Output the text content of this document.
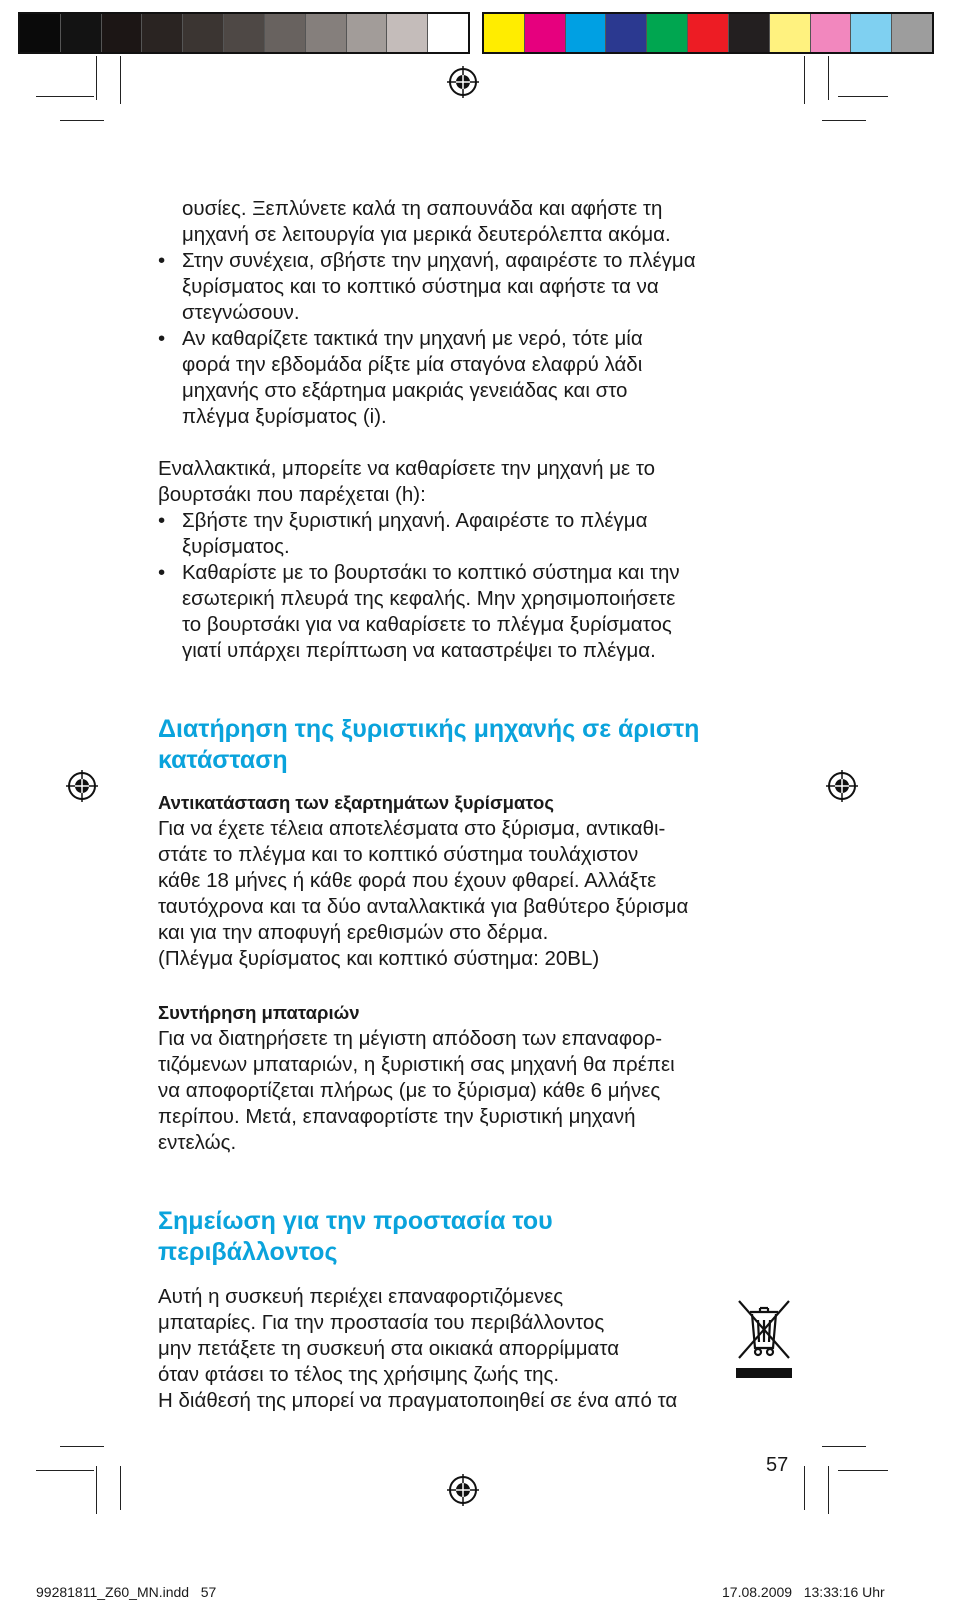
ουσίες. Ξεπλύνετε καλά τη σαπουνάδα και αφήστε τη

μηχανή σε λειτουργία για μερικά δευτερόλεπτα ακόμα.

• Στην συνέχεια, σβήστε την μηχανή, αφαιρέστε το πλέγμα

ξυρίσματος και το κοπτικό σύστημα και αφήστε τα να

στεγνώσουν.

• Αν καθαρίζετε τακτικά την μηχανή με νερό, τότε μία

φορά την εβδομάδα ρίξτε μία σταγόνα ελαφρύ λάδι

μηχανής στο εξάρτημα μακριάς γενειάδας και στο

πλέγμα ξυρίσματος (i).

Εναλλακτικά, μπορείτε να καθαρίσετε την μηχανή με το

βουρτσάκι που παρέχεται (h):

• Σβήστε την ξυριστική μηχανή. Αφαιρέστε το πλέγμα

ξυρίσματος.

• Καθαρίστε με το βουρτσάκι το κοπτικό σύστημα και την

εσωτερική πλευρά της κεφαλής. Μην χρησιμοποιήσετε

το βουρτσάκι για να καθαρίσετε το πλέγμα ξυρίσματος

γιατί υπάρχει περίπτωση να καταστρέψει το πλέγμα.

Διατήρηση της ξυριστικής μηχανής σε άριστη
κατάσταση

Αντικατάσταση των εξαρτημάτων ξυρίσματος

Για να έχετε τέλεια αποτελέσματα στο ξύρισμα, αντικαθι-

στάτε το πλέγμα και το κοπτικό σύστημα τουλάχιστον

κάθε 18 μήνες ή κάθε φορά που έχουν φθαρεί. Αλλάξτε

ταυτόχρονα και τα δύο ανταλλακτικά για βαθύτερο ξύρισμα

και για την αποφυγή ερεθισμών στο δέρμα.

(Πλέγμα ξυρίσματος και κοπτικό σύστημα: 20BL)

Συντήρηση μπαταριών

Για να διατηρήσετε τη μέγιστη απόδοση των επαναφορ-

τιζόμενων μπαταριών, η ξυριστική σας μηχανή θα πρέπει

να αποφορτίζεται πλήρως (με το ξύρισμα) κάθε 6 μήνες

περίπου. Μετά, επαναφορτίστε την ξυριστική μηχανή

εντελώς.

Σημείωση για την προστασία του
περιβάλλοντος

Αυτή η συσκευή περιέχει επαναφορτιζόμενες

μπαταρίες. Για την προστασία του περιβάλλοντος

μην πετάξετε τη συσκευή στα οικιακά απορρίμματα

όταν φτάσει το τέλος της χρήσιμης ζωής της.

Η διάθεσή της μπορεί να πραγματοποιηθεί σε ένα από τα

57
99281811_Z60_MN.indd   57	17.08.2009   13:33:16 Uhr
